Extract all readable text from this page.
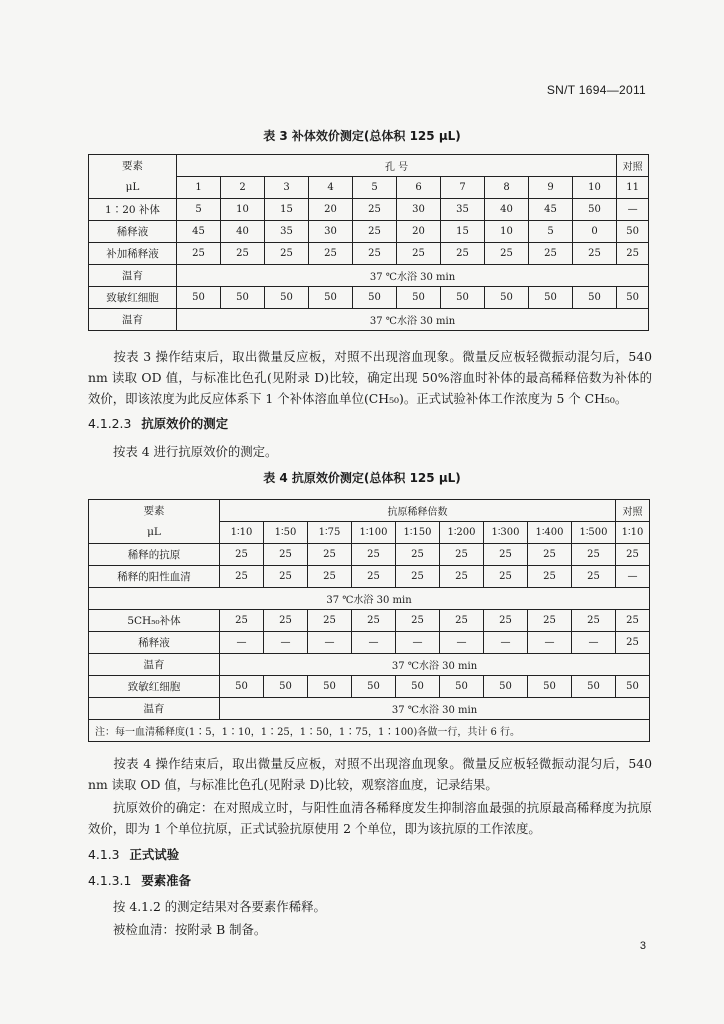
SN/T 1694—2011
表 3 补体效价测定(总体积 125 μL)
要素	孔 号										对照
μL	1	2	3	4	5	6	7	8	9	10	11
1∶20 补体	5	10	15	20	25	30	35	40	45	50	—
稀释液	45	40	35	30	25	20	15	10	5	0	50
补加稀释液	25	25	25	25	25	25	25	25	25	25	25
温育	37 ℃水浴 30 min										
致敏红细胞	50	50	50	50	50	50	50	50	50	50	50
温育	37 ℃水浴 30 min										
按表 3 操作结束后，取出微量反应板，对照不出现溶血现象。微量反应板轻微振动混匀后，540 nm 读取 OD 值，与标准比色孔(见附录 D)比较，确定出现 50%溶血时补体的最高稀释倍数为补体的效价，即该浓度为此反应体系下 1 个补体溶血单位(CH₅₀)。正式试验补体工作浓度为 5 个 CH₅₀。
4.1.2.3 抗原效价的测定
按表 4 进行抗原效价的测定。
表 4 抗原效价测定(总体积 125 μL)
要素	抗原稀释倍数									对照
μL	1∶10	1∶50	1∶75	1∶100	1∶150	1∶200	1∶300	1∶400	1∶500	1∶10
稀释的抗原	25	25	25	25	25	25	25	25	25	25
稀释的阳性血清	25	25	25	25	25	25	25	25	25	—
37 ℃水浴 30 min										
5CH₅₀补体	25	25	25	25	25	25	25	25	25	25
稀释液	—	—	—	—	—	—	—	—	—	25
温育	37 ℃水浴 30 min									
致敏红细胞	50	50	50	50	50	50	50	50	50	50
温育	37 ℃水浴 30 min									
注：每一血清稀释度(1∶5，1∶10，1∶25，1∶50，1∶75，1∶100)各做一行，共计 6 行。										
按表 4 操作结束后，取出微量反应板，对照不出现溶血现象。微量反应板轻微振动混匀后，540 nm 读取 OD 值，与标准比色孔(见附录 D)比较，观察溶血度，记录结果。
抗原效价的确定：在对照成立时，与阳性血清各稀释度发生抑制溶血最强的抗原最高稀释度为抗原效价，即为 1 个单位抗原，正式试验抗原使用 2 个单位，即为该抗原的工作浓度。
4.1.3 正式试验
4.1.3.1 要素准备
按 4.1.2 的测定结果对各要素作稀释。
被检血清：按附录 B 制备。
3
